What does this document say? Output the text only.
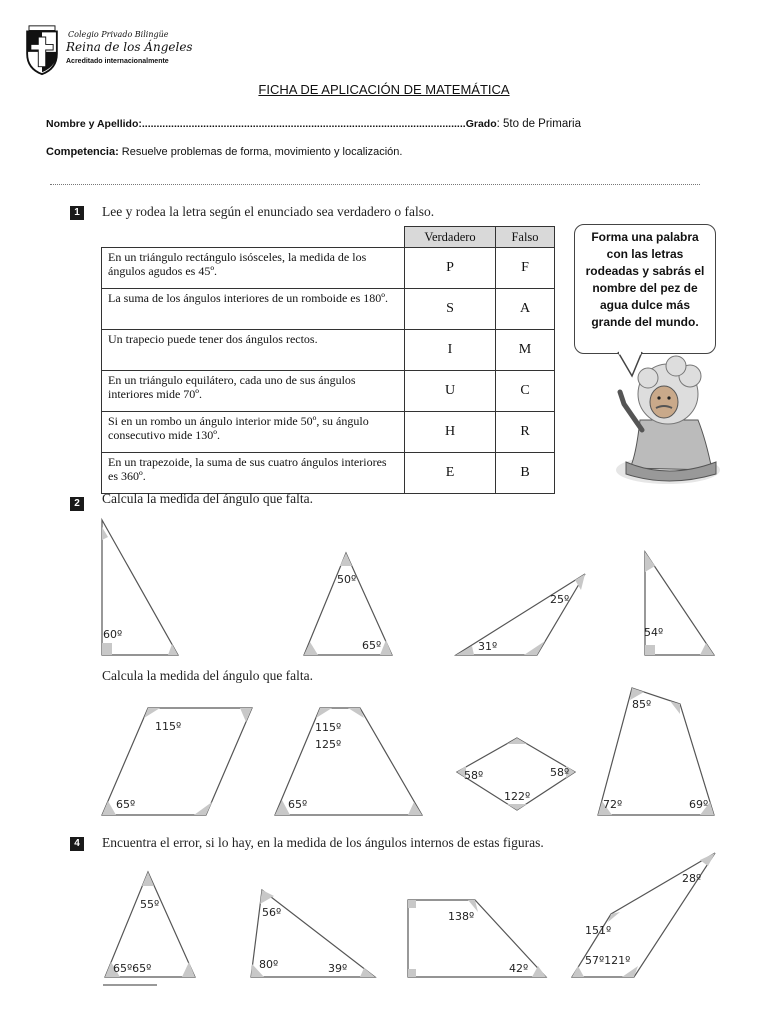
Colegio Privado Bilingüe
Reina de los Ángeles
Acreditado internacionalmente
FICHA DE APLICACIÓN DE MATEMÁTICA
Nombre y Apellido:...............................................................................................................Grado: 5to de Primaria
Competencia: Resuelve problemas de forma, movimiento y localización.
1	Lee y rodea la letra según el enunciado sea verdadero o falso.
	Verdadero	Falso
En un triángulo rectángulo isósceles, la medida de los ángulos agudos es 45º.	P	F
La suma de los ángulos interiores de un romboide es 180º.	S	A
Un trapecio puede tener dos ángulos rectos.	I	M
En un triángulo equilátero, cada uno de sus ángulos interiores mide 70º.	U	C
Si en un rombo un ángulo interior mide 50º, su ángulo consecutivo mide 130º.	H	R
En un trapezoide, la suma de sus cuatro ángulos interiores es 360º.	E	B
Forma una palabra con las letras rodeadas y sabrás el nombre del pez de agua dulce más grande del mundo.
60º
50º
65º
25º
31º
54º
115º
65º
115º
125º
65º
58º	58º
122º
85º
72º	69º
55º
65º65º
56º
80º	39º
138º
42º
28º
151º
57º121º
2	Calcula la medida del ángulo que falta.
Calcula la medida del ángulo que falta.
4	Encuentra el error, si lo hay, en la medida de los ángulos internos de estas figuras.
